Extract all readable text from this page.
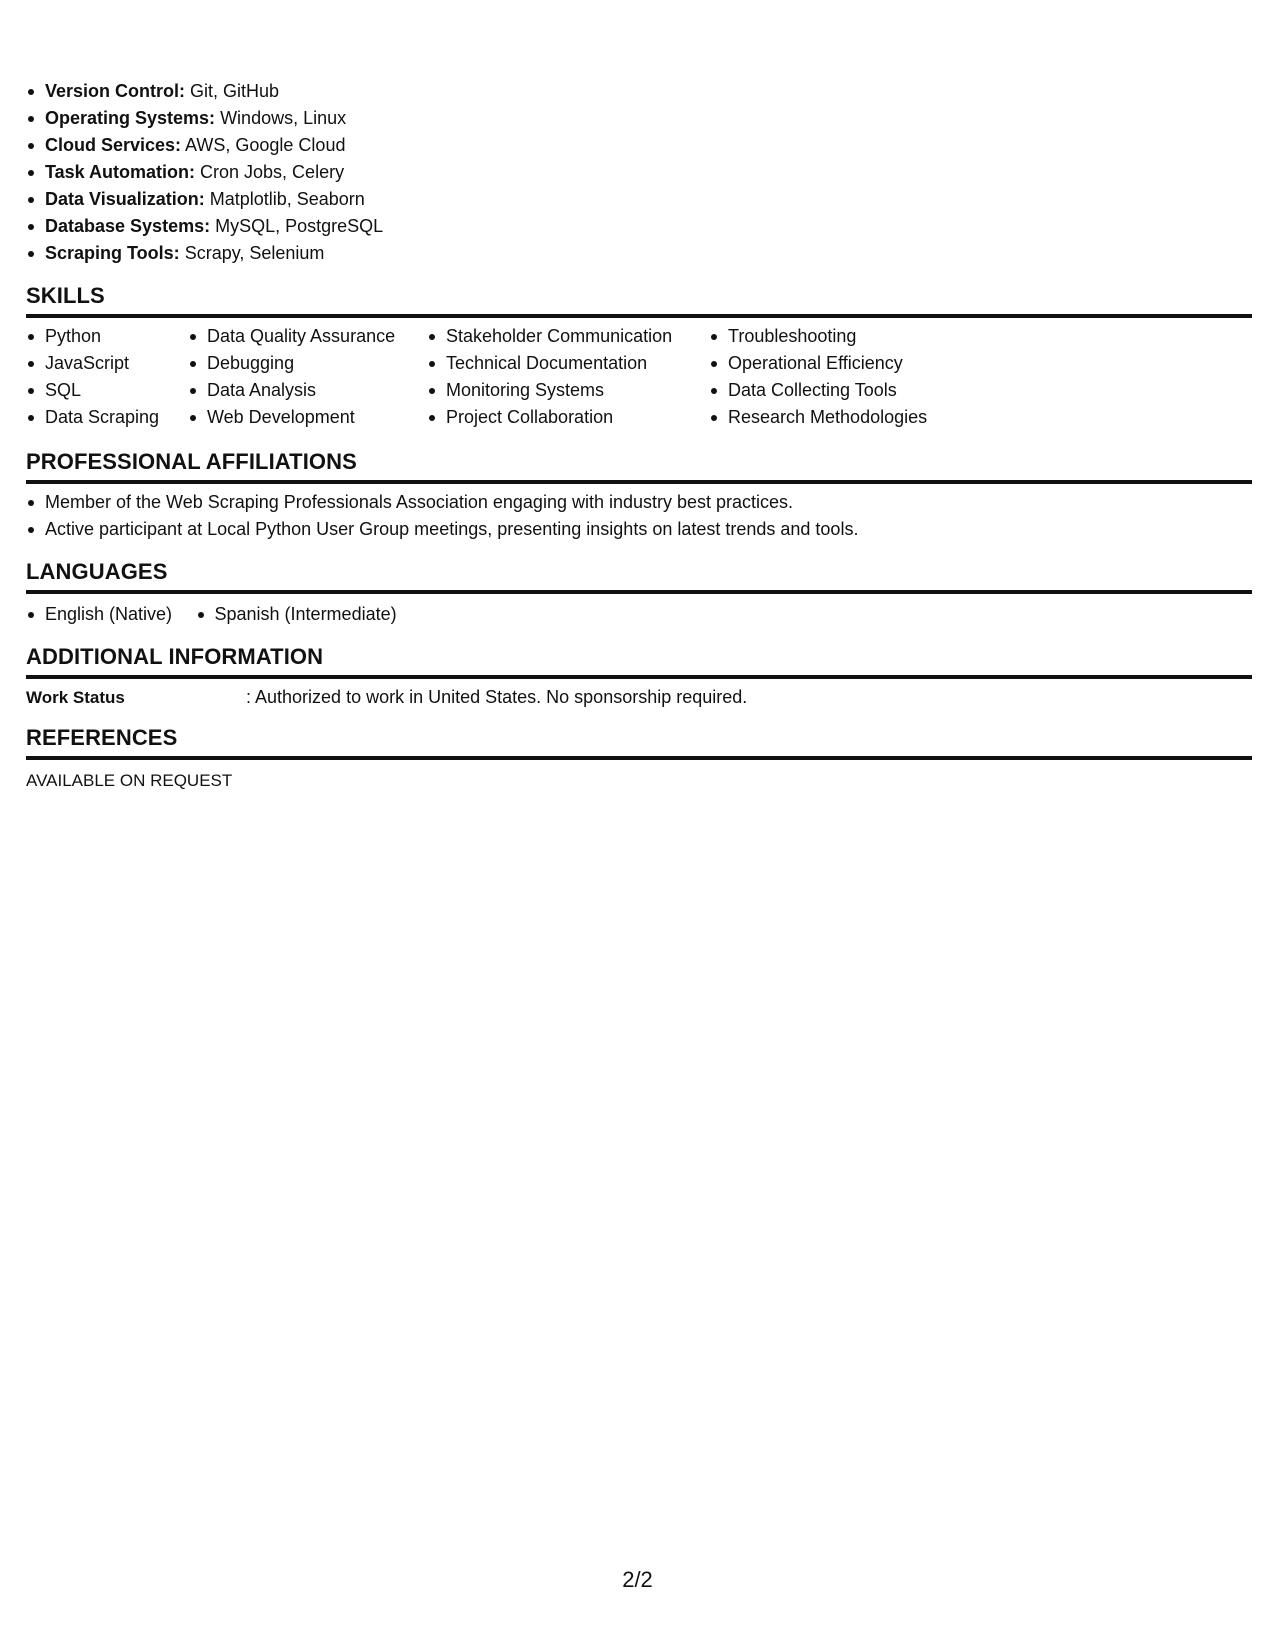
Version Control: Git, GitHub
Operating Systems: Windows, Linux
Cloud Services: AWS, Google Cloud
Task Automation: Cron Jobs, Celery
Data Visualization: Matplotlib, Seaborn
Database Systems: MySQL, PostgreSQL
Scraping Tools: Scrapy, Selenium
SKILLS
Python
JavaScript
SQL
Data Scraping
Data Quality Assurance
Debugging
Data Analysis
Web Development
Stakeholder Communication
Technical Documentation
Monitoring Systems
Project Collaboration
Troubleshooting
Operational Efficiency
Data Collecting Tools
Research Methodologies
PROFESSIONAL AFFILIATIONS
Member of the Web Scraping Professionals Association engaging with industry best practices.
Active participant at Local Python User Group meetings, presenting insights on latest trends and tools.
LANGUAGES
English (Native) Spanish (Intermediate)
ADDITIONAL INFORMATION
Work Status	: Authorized to work in United States. No sponsorship required.
REFERENCES
AVAILABLE ON REQUEST
2/2
